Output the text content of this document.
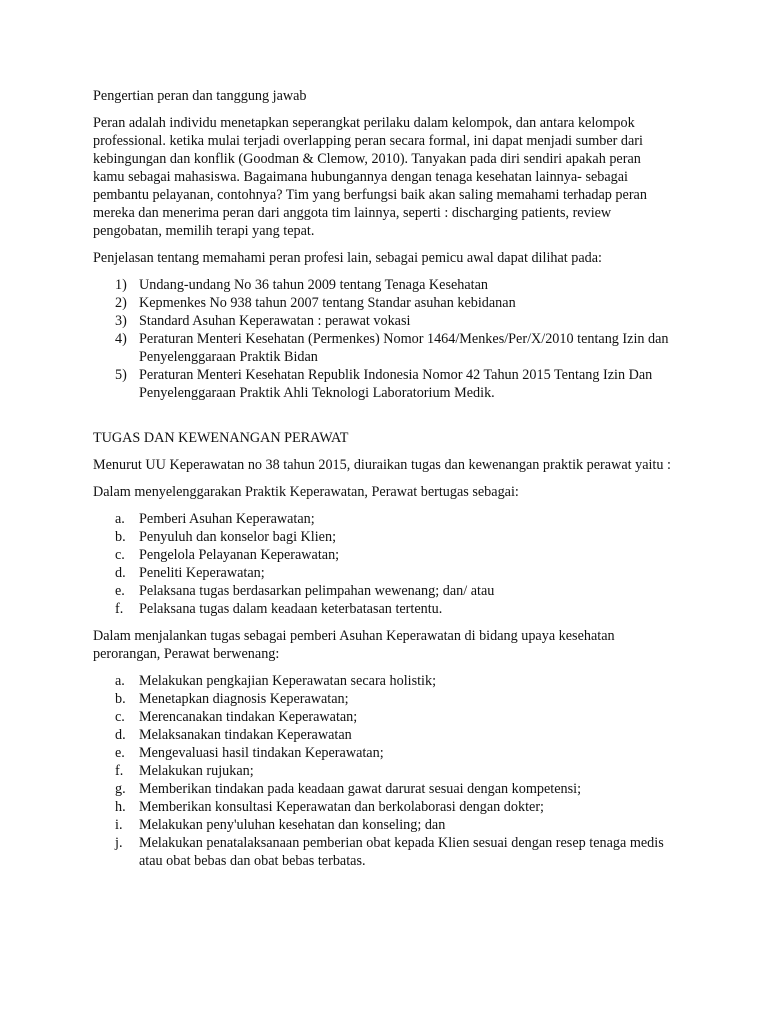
Pengertian peran dan tanggung jawab

Peran adalah individu menetapkan seperangkat perilaku dalam kelompok, dan antara kelompok professional. ketika mulai terjadi overlapping peran secara formal, ini dapat menjadi sumber dari kebingungan dan konflik (Goodman & Clemow, 2010). Tanyakan pada diri sendiri apakah peran kamu sebagai mahasiswa. Bagaimana hubungannya dengan tenaga kesehatan lainnya- sebagai pembantu pelayanan, contohnya? Tim yang berfungsi baik akan saling memahami terhadap peran mereka dan menerima peran dari anggota tim lainnya, seperti : discharging patients, review pengobatan, memilih terapi yang tepat.

Penjelasan tentang memahami peran profesi lain, sebagai pemicu awal dapat dilihat pada:

1) Undang-undang No 36 tahun 2009 tentang Tenaga Kesehatan
2) Kepmenkes No 938 tahun 2007 tentang Standar asuhan kebidanan
3) Standard Asuhan Keperawatan : perawat vokasi
4) Peraturan Menteri Kesehatan (Permenkes) Nomor 1464/Menkes/Per/X/2010 tentang Izin dan Penyelenggaraan Praktik Bidan
5) Peraturan Menteri Kesehatan Republik Indonesia Nomor 42 Tahun 2015 Tentang Izin Dan Penyelenggaraan Praktik Ahli Teknologi Laboratorium Medik.

TUGAS DAN KEWENANGAN PERAWAT

Menurut UU Keperawatan no 38 tahun 2015, diuraikan tugas dan kewenangan praktik perawat yaitu :

Dalam menyelenggarakan Praktik Keperawatan, Perawat bertugas sebagai:

a. Pemberi Asuhan Keperawatan;
b. Penyuluh dan konselor bagi Klien;
c. Pengelola Pelayanan Keperawatan;
d. Peneliti Keperawatan;
e. Pelaksana tugas berdasarkan pelimpahan wewenang; dan/ atau
f. Pelaksana tugas dalam keadaan keterbatasan tertentu.

Dalam menjalankan tugas sebagai pemberi Asuhan Keperawatan di bidang upaya kesehatan perorangan, Perawat berwenang:

a. Melakukan pengkajian Keperawatan secara holistik;
b. Menetapkan diagnosis Keperawatan;
c. Merencanakan tindakan Keperawatan;
d. Melaksanakan tindakan Keperawatan
e. Mengevaluasi hasil tindakan Keperawatan;
f. Melakukan rujukan;
g. Memberikan tindakan pada keadaan gawat darurat sesuai dengan kompetensi;
h. Memberikan konsultasi Keperawatan dan berkolaborasi dengan dokter;
i. Melakukan peny'uluhan kesehatan dan konseling; dan
j. Melakukan penatalaksanaan pemberian obat kepada Klien sesuai dengan resep tenaga medis atau obat bebas dan obat bebas terbatas.
